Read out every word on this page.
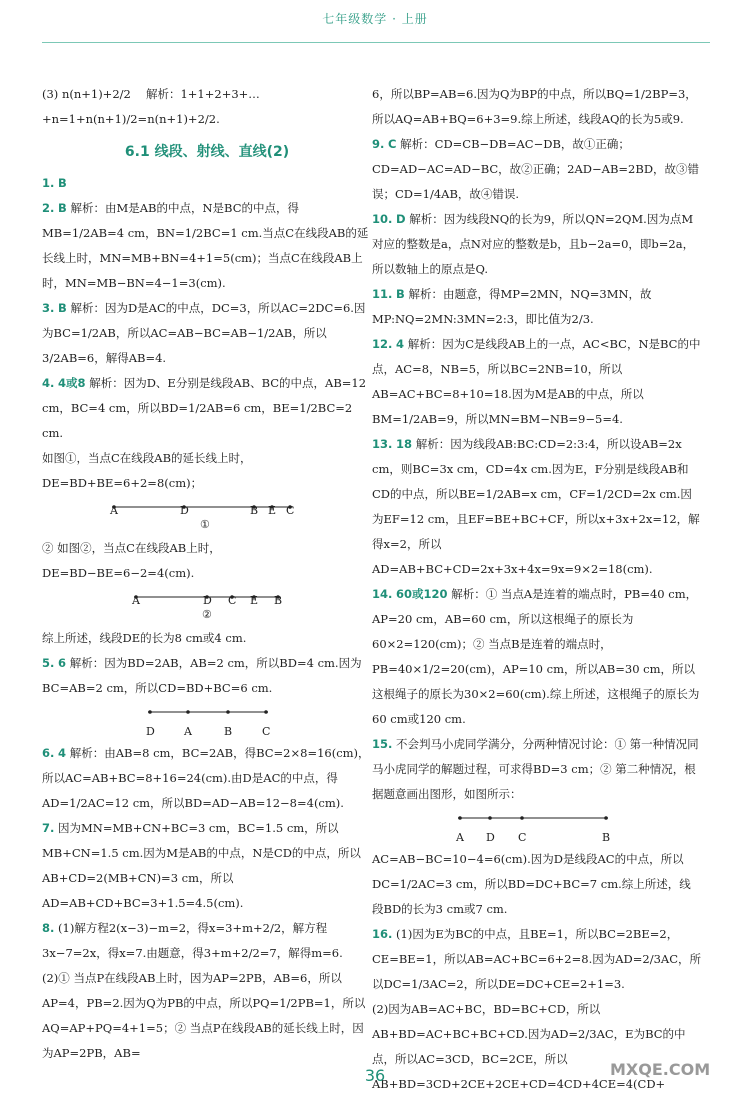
七年级数学 · 上册

(3) n(n+1)+2/2　 解析：1+1+2+3+…+n=1+n(n+1)/2=n(n+1)+2/2.

6.1 线段、射线、直线(2)

1. B

2. B 解析：由M是AB的中点，N是BC的中点，得MB=1/2AB=4 cm，BN=1/2BC=1 cm.当点C在线段AB的延长线上时，MN=MB+BN=4+1=5(cm)；当点C在线段AB上时，MN=MB−BN=4−1=3(cm).

3. B 解析：因为D是AC的中点，DC=3，所以AC=2DC=6.因为BC=1/2AB，所以AC=AB−BC=AB−1/2AB，所以3/2AB=6，解得AB=4.

4. 4或8 解析：因为D、E分别是线段AB、BC的中点，AB=12 cm，BC=4 cm，所以BD=1/2AB=6 cm，BE=1/2BC=2 cm.

如图①，当点C在线段AB的延长线上时，DE=BD+BE=6+2=8(cm)；

A	D	B E C
①

② 如图②，当点C在线段AB上时，DE=BD−BE=6−2=4(cm).

A	D C E B
②

综上所述，线段DE的长为8 cm或4 cm.

5. 6 解析：因为BD=2AB，AB=2 cm，所以BD=4 cm.因为BC=AB=2 cm，所以CD=BD+BC=6 cm.

D	A	B	C

6. 4 解析：由AB=8 cm，BC=2AB，得BC=2×8=16(cm)，所以AC=AB+BC=8+16=24(cm).由D是AC的中点，得AD=1/2AC=12 cm，所以BD=AD−AB=12−8=4(cm).

7. 因为MN=MB+CN+BC=3 cm，BC=1.5 cm，所以MB+CN=1.5 cm.因为M是AB的中点，N是CD的中点，所以AB+CD=2(MB+CN)=3 cm，所以AD=AB+CD+BC=3+1.5=4.5(cm).

8. (1)解方程2(x−3)−m=2，得x=3+m+2/2，解方程3x−7=2x，得x=7.由题意，得3+m+2/2=7，解得m=6.

(2)① 当点P在线段AB上时，因为AP=2PB，AB=6，所以AP=4，PB=2.因为Q为PB的中点，所以PQ=1/2PB=1，所以AQ=AP+PQ=4+1=5；② 当点P在线段AB的延长线上时，因为AP=2PB，AB=

6，所以BP=AB=6.因为Q为BP的中点，所以BQ=1/2BP=3，所以AQ=AB+BQ=6+3=9.综上所述，线段AQ的长为5或9.

9. C 解析：CD=CB−DB=AC−DB，故①正确；CD=AD−AC=AD−BC，故②正确；2AD−AB=2BD，故③错误；CD=1/4AB，故④错误.

10. D 解析：因为线段NQ的长为9，所以QN=2QM.因为点M对应的整数是a，点N对应的整数是b，且b−2a=0，即b=2a，所以数轴上的原点是Q.

11. B 解析：由题意，得MP=2MN，NQ=3MN，故MP:NQ=2MN:3MN=2:3，即比值为2/3.

12. 4 解析：因为C是线段AB上的一点，AC<BC，N是BC的中点，AC=8，NB=5，所以BC=2NB=10，所以AB=AC+BC=8+10=18.因为M是AB的中点，所以BM=1/2AB=9，所以MN=BM−NB=9−5=4.

13. 18 解析：因为线段AB:BC:CD=2:3:4，所以设AB=2x cm，则BC=3x cm，CD=4x cm.因为E，F分别是线段AB和CD的中点，所以BE=1/2AB=x cm，CF=1/2CD=2x cm.因为EF=12 cm，且EF=BE+BC+CF，所以x+3x+2x=12，解得x=2，所以AD=AB+BC+CD=2x+3x+4x=9x=9×2=18(cm).

14. 60或120 解析：① 当点A是连着的端点时，PB=40 cm，AP=20 cm，AB=60 cm，所以这根绳子的原长为60×2=120(cm)；② 当点B是连着的端点时，PB=40×1/2=20(cm)，AP=10 cm，所以AB=30 cm，所以这根绳子的原长为30×2=60(cm).综上所述，这根绳子的原长为60 cm或120 cm.

15. 不会判马小虎同学满分，分两种情况讨论：① 第一种情况同马小虎同学的解题过程，可求得BD=3 cm；② 第二种情况，根据题意画出图形，如图所示：

A D C	B

AC=AB−BC=10−4=6(cm).因为D是线段AC的中点，所以DC=1/2AC=3 cm，所以BD=DC+BC=7 cm.综上所述，线段BD的长为3 cm或7 cm.

16. (1)因为E为BC的中点，且BE=1，所以BC=2BE=2，CE=BE=1，所以AB=AC+BC=6+2=8.因为AD=2/3AC，所以DC=1/3AC=2，所以DE=DC+CE=2+1=3.

(2)因为AB=AC+BC，BD=BC+CD，所以AB+BD=AC+BC+BC+CD.因为AD=2/3AC，E为BC的中点，所以AC=3CD，BC=2CE，所以AB+BD=3CD+2CE+2CE+CD=4CD+4CE=4(CD+

36	MXQE.COM
